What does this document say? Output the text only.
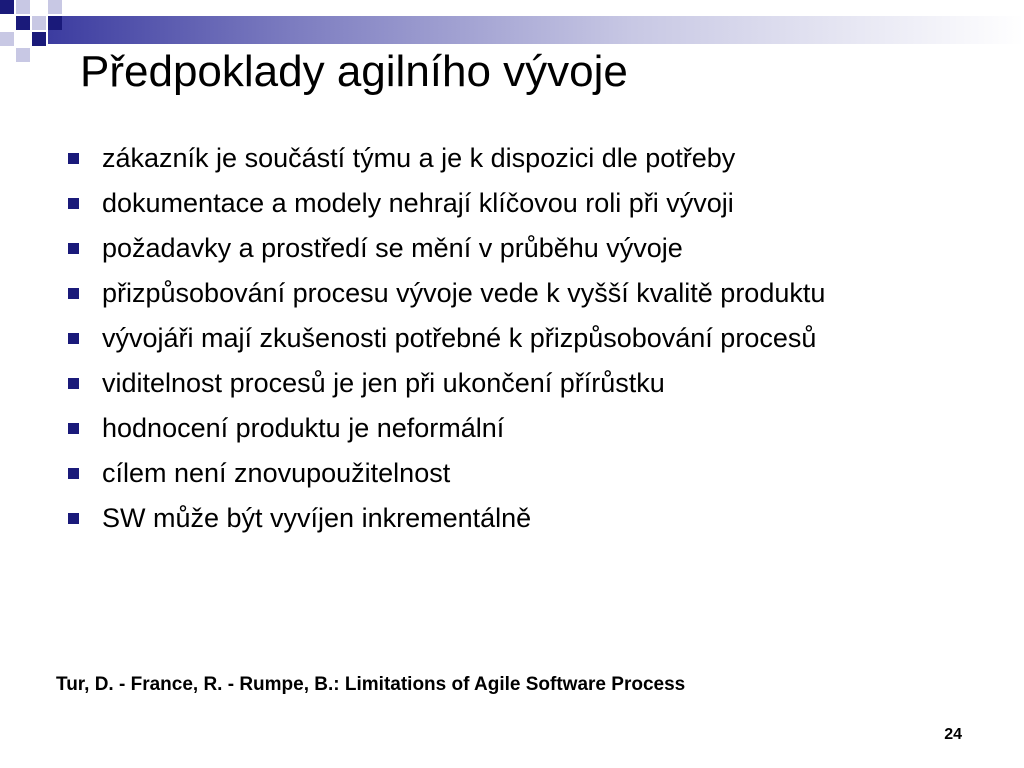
Předpoklady agilního vývoje
zákazník je součástí týmu a je k dispozici dle potřeby
dokumentace a modely nehrají klíčovou roli při vývoji
požadavky a prostředí se mění v průběhu vývoje
přizpůsobování procesu vývoje vede k vyšší kvalitě produktu
vývojáři mají zkušenosti potřebné k přizpůsobování procesů
viditelnost procesů je jen při ukončení přírůstku
hodnocení produktu je neformální
cílem není znovupoužitelnost
SW může být vyvíjen inkrementálně
Tur, D. - France, R. - Rumpe, B.: Limitations of Agile Software Process
24
